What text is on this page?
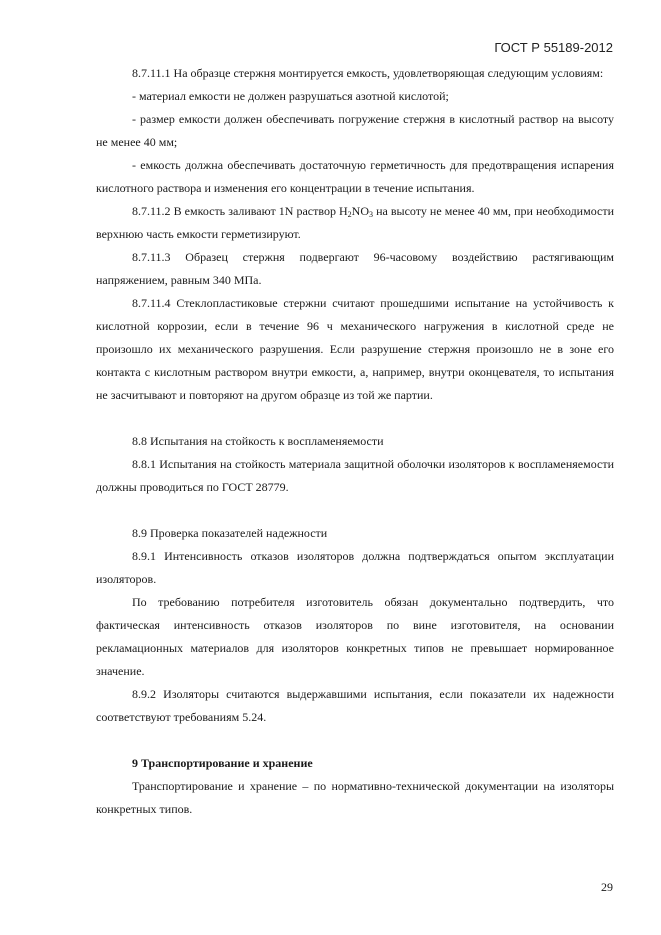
ГОСТ Р 55189-2012

8.7.11.1 На образце стержня монтируется емкость, удовлетворяющая следующим условиям:

- материал емкости не должен разрушаться азотной кислотой;

- размер емкости должен обеспечивать погружение стержня в кислотный раствор на высоту не менее 40 мм;

- емкость должна обеспечивать достаточную герметичность для предотвращения испарения кислотного раствора и изменения его концентрации в течение испытания.

8.7.11.2 В емкость заливают 1N раствор $H_2NO_3$ на высоту не менее 40 мм, при необходимости верхнюю часть емкости герметизируют.

8.7.11.3 Образец стержня подвергают 96-часовому воздействию растягивающим напряжением, равным 340 МПа.

8.7.11.4 Стеклопластиковые стержни считают прошедшими испытание на устойчивость к кислотной коррозии, если в течение 96 ч механического нагружения в кислотной среде не произошло их механического разрушения. Если разрушение стержня произошло не в зоне его контакта с кислотным раствором внутри емкости, а, например, внутри оконцевателя, то испытания не засчитывают и повторяют на другом образце из той же партии.

8.8 Испытания на стойкость к воспламеняемости

8.8.1 Испытания на стойкость материала защитной оболочки изоляторов к воспламеняемости должны проводиться по ГОСТ 28779.

8.9 Проверка показателей надежности

8.9.1 Интенсивность отказов изоляторов должна подтверждаться опытом эксплуатации изоляторов.

По требованию потребителя изготовитель обязан документально подтвердить, что фактическая интенсивность отказов изоляторов по вине изготовителя, на основании рекламационных материалов для изоляторов конкретных типов не превышает нормированное значение.

8.9.2 Изоляторы считаются выдержавшими испытания, если показатели их надежности соответствуют требованиям 5.24.

9 Транспортирование и хранение

Транспортирование и хранение – по нормативно-технической документации на изоляторы конкретных типов.

29
